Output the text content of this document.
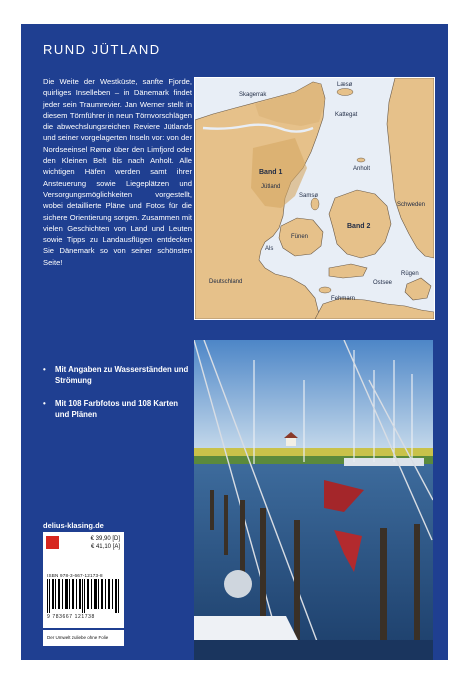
RUND JÜTLAND

Die Weite der Westküste, sanfte Fjorde, quirliges Inselleben – in Dänemark findet jeder sein Traumrevier. Jan Werner stellt in diesem Törnführer in neun Törnvorschlägen die abwechslungsreichen Reviere Jütlands und seiner vorgelagerten Inseln vor: von der Nordseeinsel Rømø über den Limfjord oder den Kleinen Belt bis nach Anholt. Alle wichtigen Häfen werden samt ihrer Ansteuerung sowie Liegeplätzen und Versorgungsmöglichkeiten vorgestellt, wobei detaillierte Pläne und Fotos für die sichere Orientierung sorgen. Zusammen mit vielen Geschichten von Land und Leuten sowie Tipps zu Landausflügen entdecken Sie Dänemark so von seiner schönsten Seite!

Skagerrak
Læsø
Kattegat
Anholt
Band 1
Jütland
Schweden
Samsø
Fünen
Band 2
Als
Deutschland	Ostsee
Rügen
Fehmarn
• Mit Angaben zu Wasserständen und Strömung
• Mit 108 Farbfotos und 108 Karten und Plänen
delius-klasing.de
€ 39,90 [D]
€ 41,10 [A]
ISBN 978-3-667-12173-8
9 783667 121738
Der Umwelt zuliebe ohne Folie
